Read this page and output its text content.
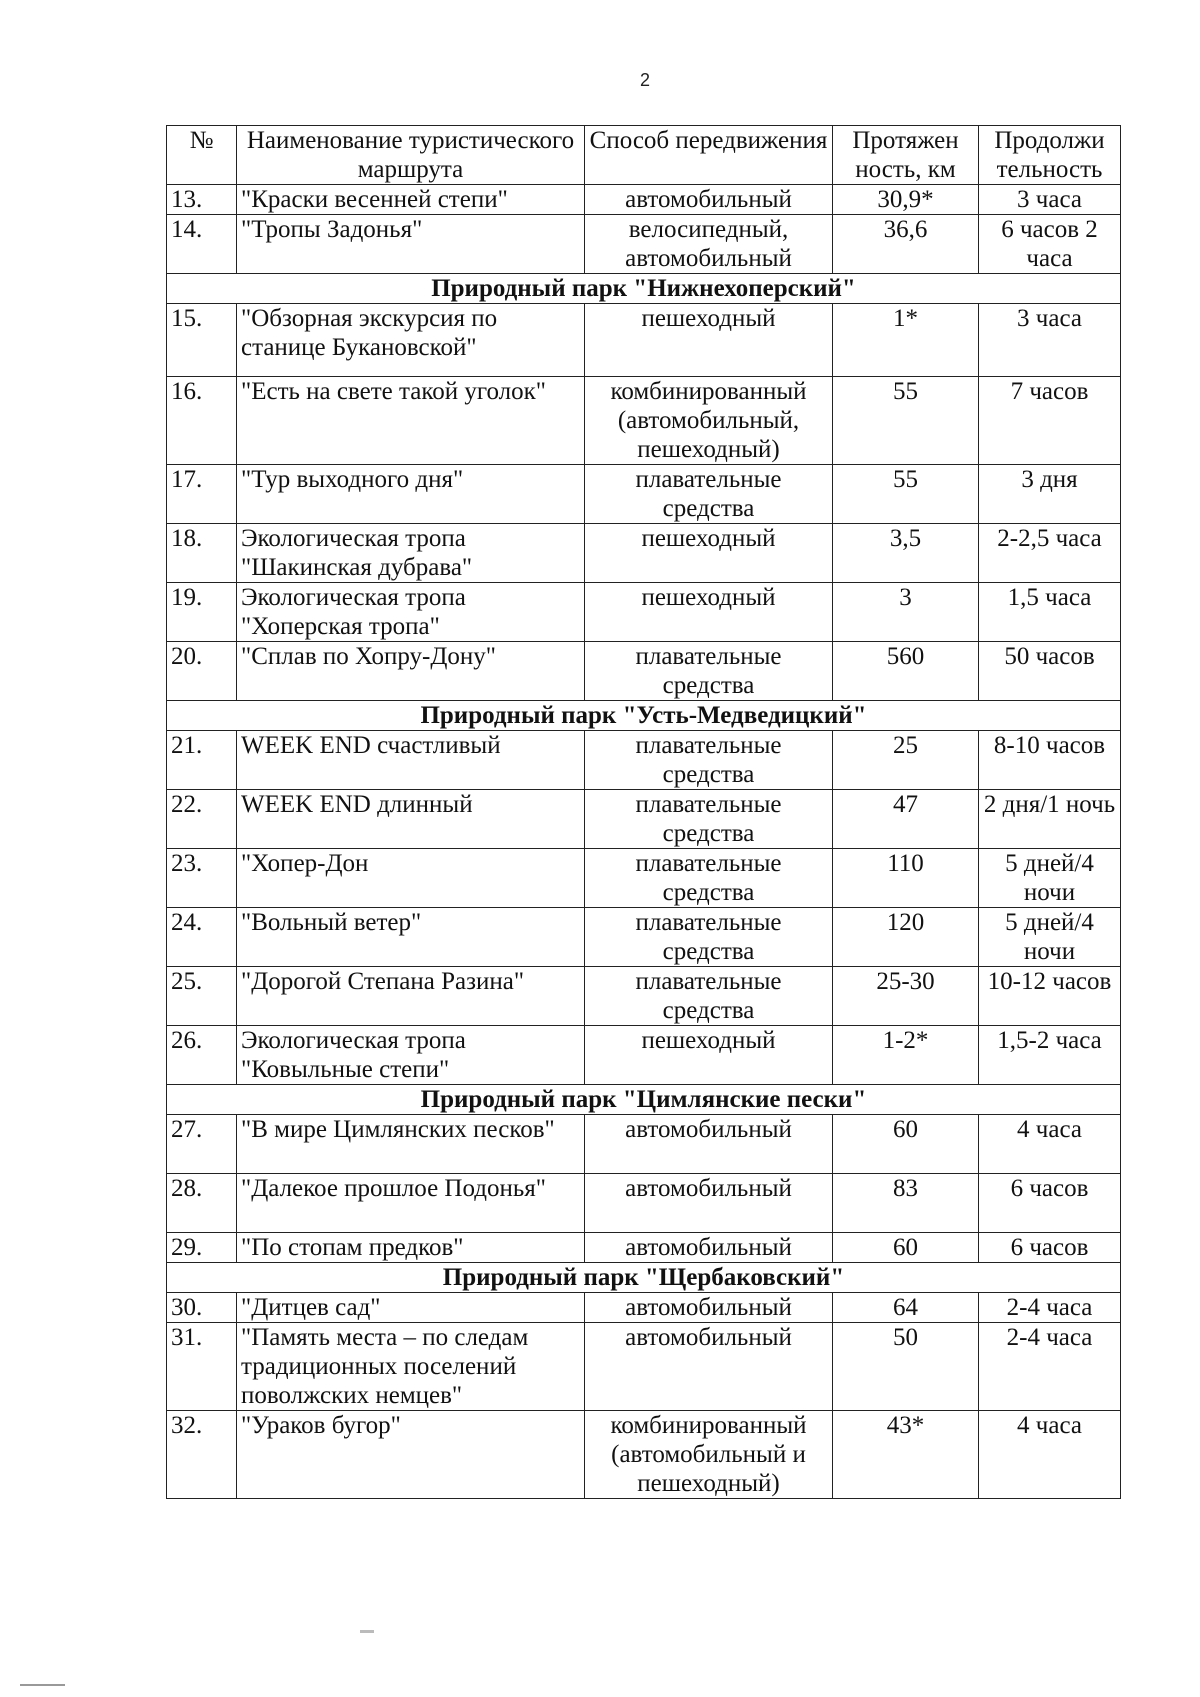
2
№	Наименование туристического маршрута	Способ передвижения	Протяжен ность, км	Продолжи тельность
13.	"Краски весенней степи"	автомобильный	30,9*	3 часа
14.	"Тропы Задонья"	велосипедный, автомобильный	36,6	6 часов 2 часа
Природный парк "Нижнехоперский"				
15.	"Обзорная экскурсия по станице Букановской"	пешеходный	1*	3 часа
16.	"Есть на свете такой уголок"	комбинированный (автомобильный, пешеходный)	55	7 часов
17.	"Тур выходного дня"	плавательные средства	55	3 дня
18.	Экологическая тропа "Шакинская дубрава"	пешеходный	3,5	2-2,5 часа
19.	Экологическая тропа "Хоперская тропа"	пешеходный	3	1,5 часа
20.	"Сплав по Хопру-Дону"	плавательные средства	560	50 часов
Природный парк "Усть-Медведицкий"				
21.	WEEK END счастливый	плавательные средства	25	8-10 часов
22.	WEEK END длинный	плавательные средства	47	2 дня/1 ночь
23.	"Хопер-Дон	плавательные средства	110	5 дней/4 ночи
24.	"Вольный ветер"	плавательные средства	120	5 дней/4 ночи
25.	"Дорогой Степана Разина"	плавательные средства	25-30	10-12 часов
26.	Экологическая тропа "Ковыльные степи"	пешеходный	1-2*	1,5-2 часа
Природный парк "Цимлянские пески"				
27.	"В мире Цимлянских песков"	автомобильный	60	4 часа
28.	"Далекое прошлое Подонья"	автомобильный	83	6 часов
29.	"По стопам предков"	автомобильный	60	6 часов
Природный парк "Щербаковский"				
30.	"Дитцев сад"	автомобильный	64	2-4 часа
31.	"Память места – по следам традиционных поселений поволжских немцев"	автомобильный	50	2-4 часа
32.	"Ураков бугор"	комбинированный (автомобильный и пешеходный)	43*	4 часа
